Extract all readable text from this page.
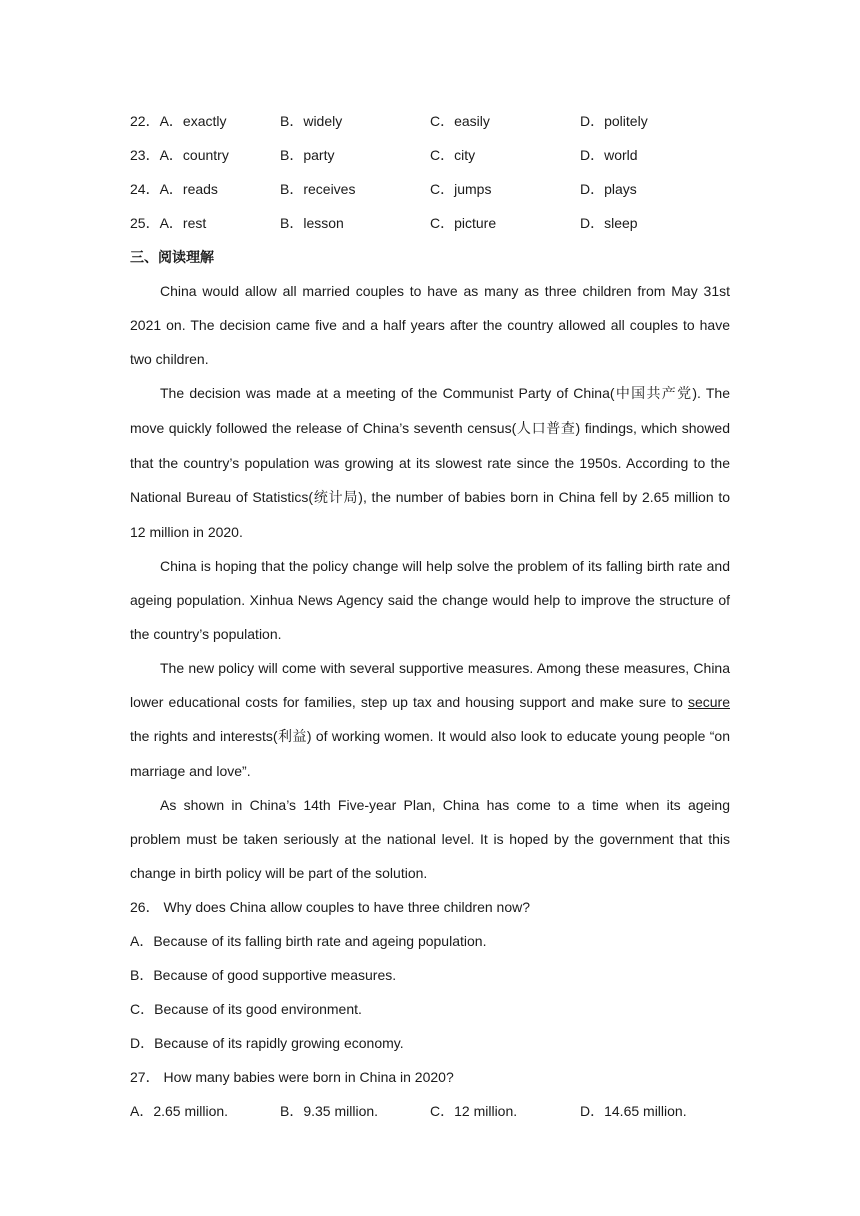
22．A．exactly	B．widely	C．easily	D．politely
23．A．country	B．party	C．city	D．world
24．A．reads	B．receives	C．jumps	D．plays
25．A．rest	B．lesson	C．picture	D．sleep
三、阅读理解

China would allow all married couples to have as many as three children from May 31st 2021 on. The decision came five and a half years after the country allowed all couples to have two children.

The decision was made at a meeting of the Communist Party of China(中国共产党). The move quickly followed the release of China’s seventh census(人口普查) findings, which showed that the country’s population was growing at its slowest rate since the 1950s. According to the National Bureau of Statistics(统计局), the number of babies born in China fell by 2.65 million to 12 million in 2020.

China is hoping that the policy change will help solve the problem of its falling birth rate and ageing population. Xinhua News Agency said the change would help to improve the structure of the country’s population.

The new policy will come with several supportive measures. Among these measures, China lower educational costs for families, step up tax and housing support and make sure to secure the rights and interests(利益) of working women. It would also look to educate young people “on marriage and love”.

As shown in China’s 14th Five-year Plan, China has come to a time when its ageing problem must be taken seriously at the national level. It is hoped by the government that this change in birth policy will be part of the solution.

26． Why does China allow couples to have three children now?
A．Because of its falling birth rate and ageing population.
B．Because of good supportive measures.
C．Because of its good environment.
D．Because of its rapidly growing economy.
27． How many babies were born in China in 2020?
A．2.65 million.	B．9.35 million.	C．12 million.	D．14.65 million.
